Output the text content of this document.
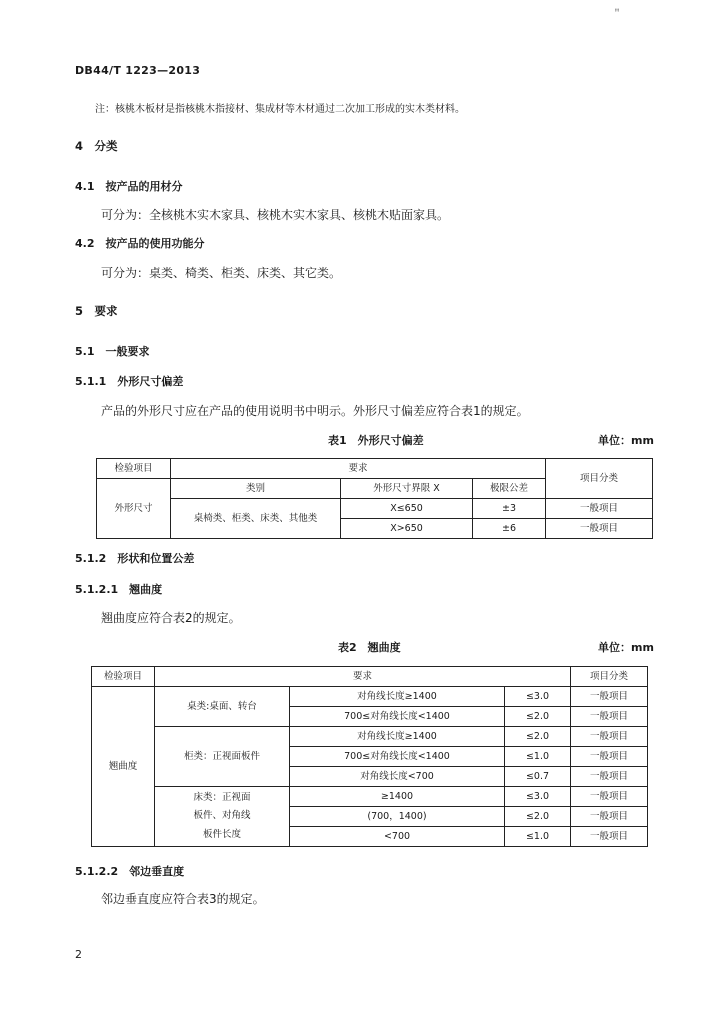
＂
DB44/T 1223—2013
注：核桃木板材是指核桃木指接材、集成材等木材通过二次加工形成的实木类材料。
4　分类
4.1　按产品的用材分
可分为：全核桃木实木家具、核桃木实木家具、核桃木贴面家具。
4.2　按产品的使用功能分
可分为：桌类、椅类、柜类、床类、其它类。
5　要求
5.1　一般要求
5.1.1　外形尺寸偏差
产品的外形尺寸应在产品的使用说明书中明示。外形尺寸偏差应符合表1的规定。
表1　外形尺寸偏差	单位：mm
检验项目	要求			项目分类
外形尺寸	类别	外形尺寸界限 X	极限公差	
	桌椅类、柜类、床类、其他类	X≤650	±3	一般项目
		X>650	±6	一般项目
5.1.2　形状和位置公差
5.1.2.1　翘曲度
翘曲度应符合表2的规定。
表2　翘曲度	单位：mm
检验项目	要求			项目分类
翘曲度	桌类:桌面、转台	对角线长度≥1400	≤3.0	一般项目
		700≤对角线长度<1400	≤2.0	一般项目
	柜类：正视面板件	对角线长度≥1400	≤2.0	一般项目
		700≤对角线长度<1400	≤1.0	一般项目
		对角线长度<700	≤0.7	一般项目

	床类：正视面
板件、对角线
板件长度	≥1400	≤3.0	一般项目
		(700，1400)	≤2.0	一般项目
		<700	≤1.0	一般项目
5.1.2.2　邻边垂直度
邻边垂直度应符合表3的规定。
2
